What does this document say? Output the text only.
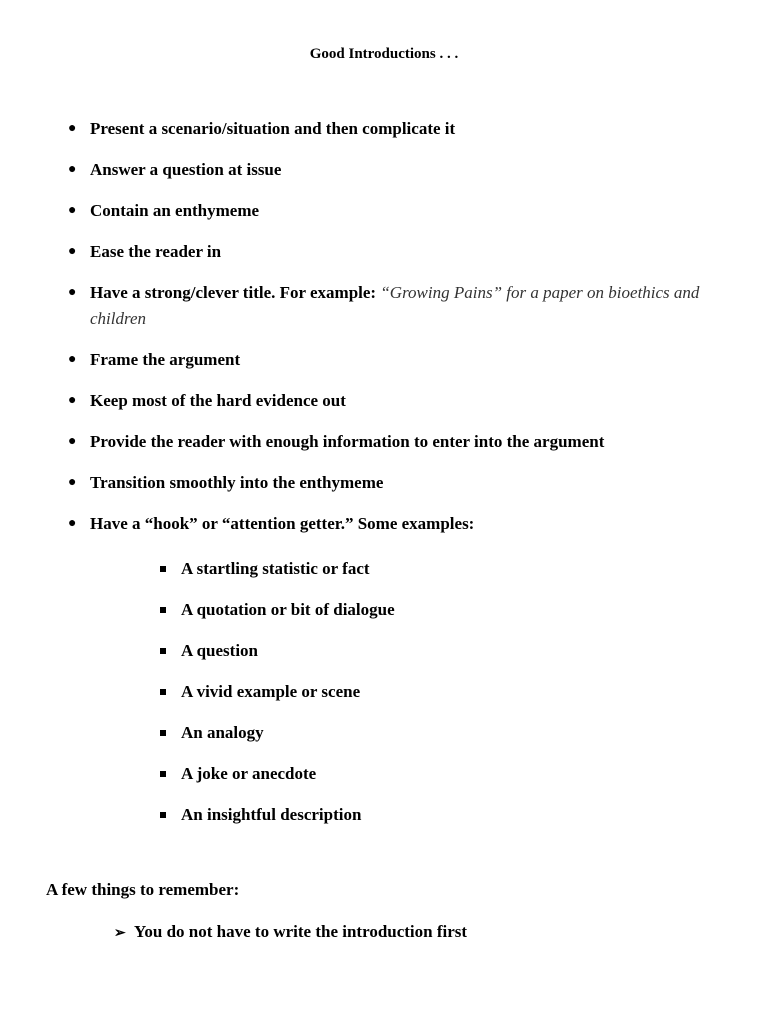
Good Introductions . . .
● Present a scenario/situation and then complicate it
● Answer a question at issue
● Contain an enthymeme
● Ease the reader in
● Have a strong/clever title. For example: “Growing Pains” for a paper on bioethics and children
● Frame the argument
● Keep most of the hard evidence out
● Provide the reader with enough information to enter into the argument
● Transition smoothly into the enthymeme
● Have a “hook” or “attention getter.” Some examples:
A startling statistic or fact
A quotation or bit of dialogue
A question
A vivid example or scene
An analogy
A joke or anecdote
An insightful description
A few things to remember:
➢ You do not have to write the introduction first
